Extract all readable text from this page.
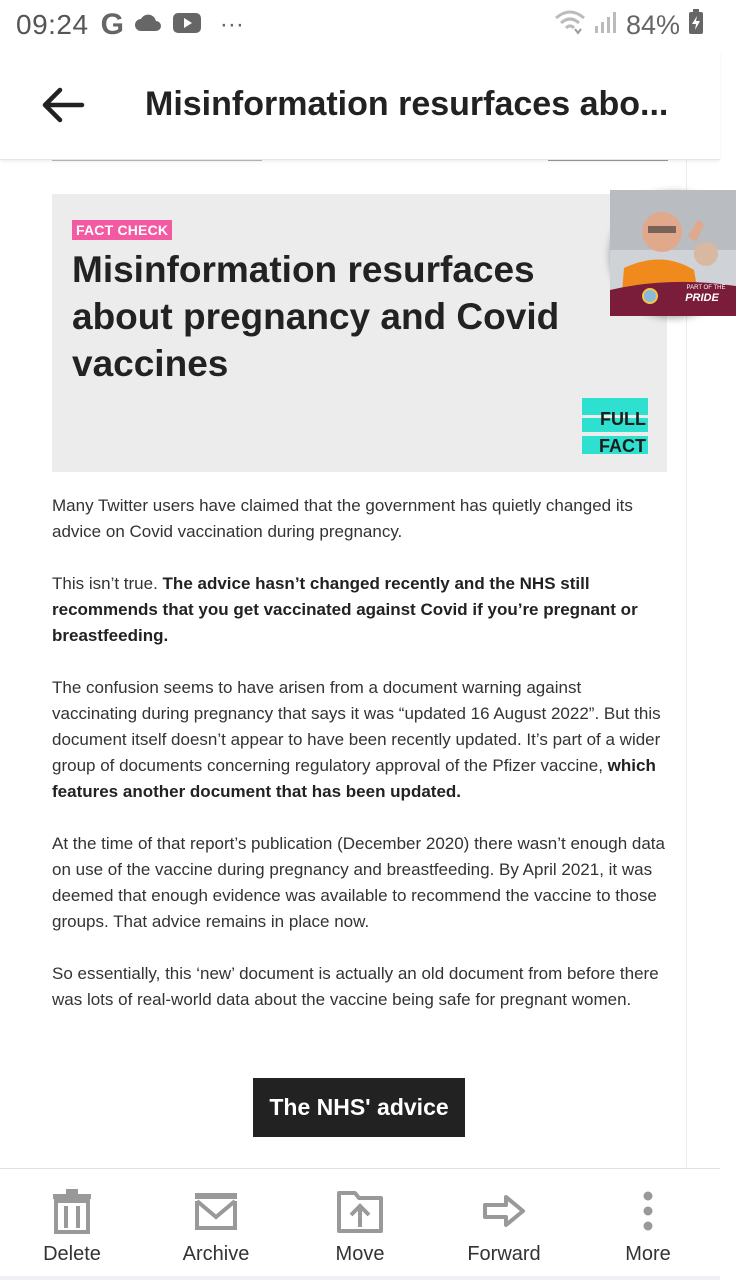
09:24 G	···	84%
Misinformation resurfaces abo...
FACT CHECK
Misinformation resurfaces about pregnancy and Covid vaccines
FULL
FACT

Many Twitter users have claimed that the government has quietly changed its advice on Covid vaccination during pregnancy.

This isn’t true. The advice hasn’t changed recently and the NHS still recommends that you get vaccinated against Covid if you’re pregnant or breastfeeding.

The confusion seems to have arisen from a document warning against vaccinating during pregnancy that says it was “updated 16 August 2022”. But this document itself doesn’t appear to have been recently updated. It’s part of a wider group of documents concerning regulatory approval of the Pfizer vaccine, which features another document that has been updated.

At the time of that report’s publication (December 2020) there wasn’t enough data on use of the vaccine during pregnancy and breastfeeding. By April 2021, it was deemed that enough evidence was available to recommend the vaccine to those groups. That advice remains in place now.

So essentially, this ‘new’ document is actually an old document from before there was lots of real-world data about the vaccine being safe for pregnant women.

The NHS' advice
PART OF THE
PRIDE
Delete	Archive	Move	Forward	More
